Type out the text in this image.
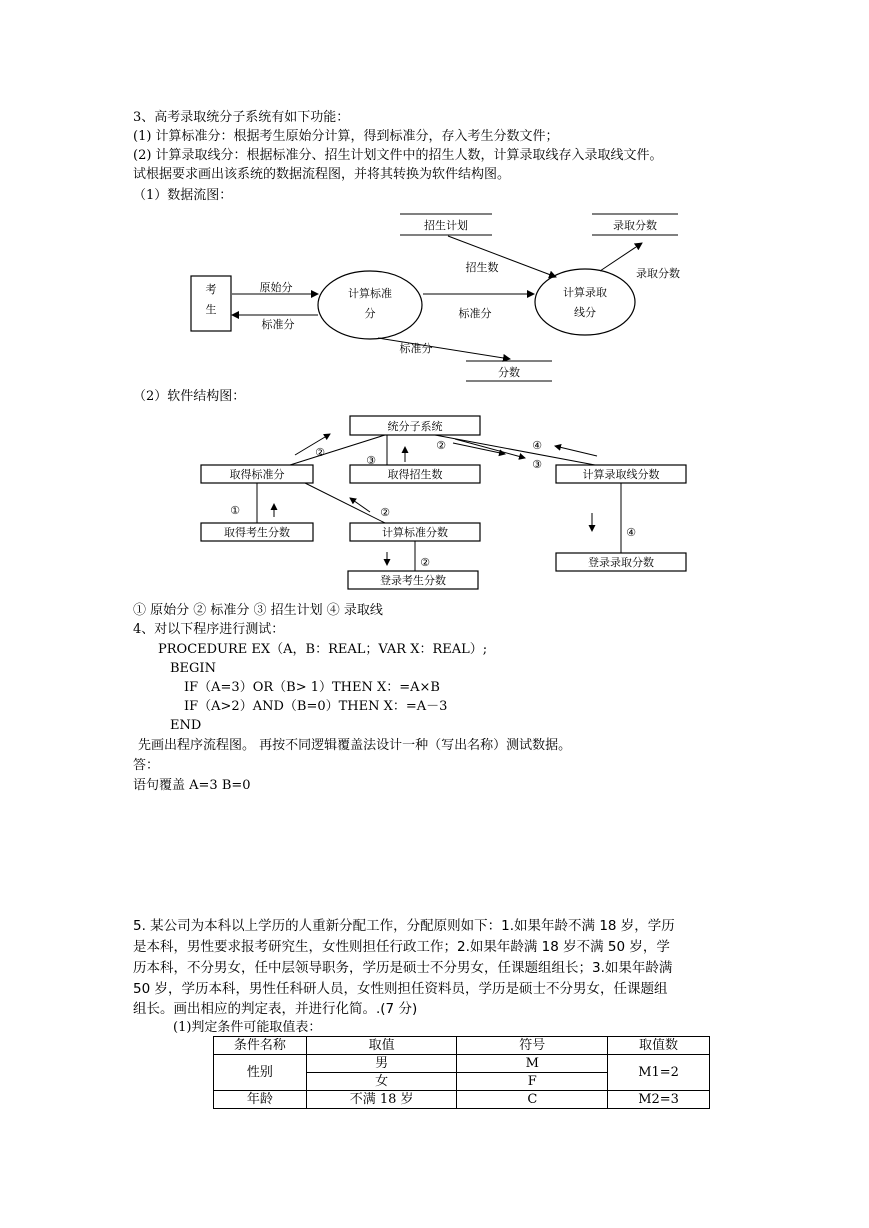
3、高考录取统分子系统有如下功能：
(1) 计算标准分：根据考生原始分计算，得到标准分，存入考生分数文件；
(2) 计算录取线分：根据标准分、招生计划文件中的招生人数，计算录取线存入录取线文件。
试根据要求画出该系统的数据流程图，并将其转换为软件结构图。
（1）数据流图：
考
生
计算标准
分
计算录取
线分
招生计划	录取分数
分数
原始分
标准分
标准分
招生数	录取分数
标准分
（2）软件结构图：
统分子系统
取得标准分	取得招生数	计算录取线分数
取得考生分数	计算标准分数
登录考生分数
登录录取分数
②
③
①	②
②
③
④
②
④
① 原始分 ② 标准分 ③ 招生计划 ④ 录取线
4、对以下程序进行测试：
PROCEDURE EX（A，B：REAL；VAR X：REAL）;
BEGIN
IF（A=3）OR（B> 1）THEN X：=A×B
IF（A>2）AND（B=0）THEN X：=A－3
END
先画出程序流程图。 再按不同逻辑覆盖法设计一种（写出名称）测试数据。
答：
语句覆盖 A=3 B=0
5. 某公司为本科以上学历的人重新分配工作，分配原则如下：1.如果年龄不满 18 岁，学历
是本科，男性要求报考研究生，女性则担任行政工作；2.如果年龄满 18 岁不满 50 岁，学
历本科，不分男女，任中层领导职务，学历是硕士不分男女，任课题组组长；3.如果年龄满
50 岁，学历本科，男性任科研人员，女性则担任资料员，学历是硕士不分男女，任课题组
组长。画出相应的判定表，并进行化简。.(7 分)
(1)判定条件可能取值表：
条件名称	取值	符号	取值数
性别	男	M	M1=2
	女	F	
年龄	不满 18 岁	C	M2=3
